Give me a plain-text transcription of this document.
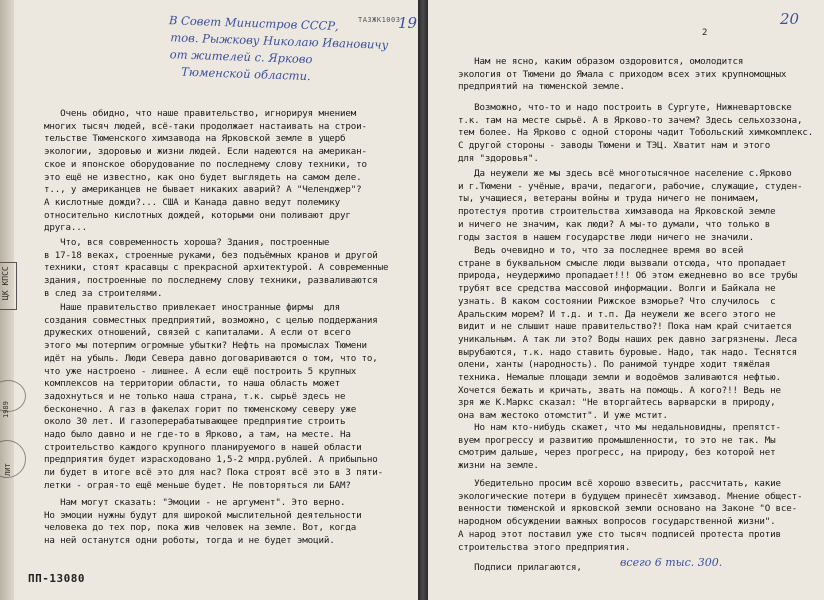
ТАЗЖК1003
19
В Совет Министров СССР,
тов. Рыжкову Николаю Ивановичу
от жителей с. Ярково
Тюменской области.
Очень обидно, что наше правительство, игнорируя мнением
многих тысяч людей, всё-таки продолжает настаивать на строи-
тельстве Тюменского химзавода на Ярковской земле в ущерб
экологии, здоровью и жизни людей. Если надеются на америкaн-
ское и японское оборудование по последнему слову техники, то
это ещё не известно, как оно будет выглядеть на самом деле.
т.., у американцев не бывает никаких аварий? А "Челенджер"?
А кислотные дожди?... США и Канада давно ведут полемику
относительно кислотных дождей, которыми они поливают друг
друга...
Что, вся современность хороша? Здания, построенные
в 17-18 веках, строенные руками, без подъёмных кранов и другой
техники, стоят красавцы с прекрасной архитектурой. А современные
здания, построенные по последнему слову техники, разваливаются
в след за строителями.
Наше правительство привлекает иностранные фирмы  для
создания совместных предприятий, возможно, с целью поддержания
дружеских отношений, связей с капиталами. А если от всего
этого мы потерпим огромные убытки? Нефть на промыслах Тюмени
идёт на убыль. Люди Севера давно договариваются о том, что то,
что уже настроено - лишнее. А если ещё построить 5 крупных
комплексов на территории области, то наша область может
задохнуться и не только наша страна, т.к. сырьё здесь не
бесконечно. А газ в факелах горит по тюменскому северу уже
около 30 лет. И газоперерабатывающее предприятие строить
надо было давно и не где-то в Ярково, а там, на месте. На
строительство каждого крупного планируемого в нашей области
предприятия будет израсходовано 1,5-2 млрд.рублей. А прибыльно
ли будет в итоге всё это для нас? Пока строят всё это в 3 пяти-
летки - ограя-то ещё меньше будет. Не повторяться ли БАМ?
Нам могут сказать: "Эмоции - не аргумент". Это верно.
Но эмоции нужны будут для широкой мыслительной деятельности
человека до тех пор, пока жив человек на земле. Вот, когда
на ней останутся одни роботы, тогда и не будет эмоций.
ЦК КПСС
1989
ЛИТ
ПП-13080
2
20
Нам не ясно, каким образом оздоровится, омолодится
экология от Тюмени до Ямала с приходом всех этих крупномощных
предприятий на тюменской земле.
Возможно, что-то и надо построить в Сургуте, Нижневартовске
т.к. там на месте сырьё. А в Ярково-то зачем? Здесь сельхоззона,
тем более. На Ярково с одной стороны чадит Тобольский химкомплекс.
С другой стороны - заводы Тюмени и ТЭЦ. Хватит нам и этого
для "здоровья".
Да неужели же мы здесь всё многотысячное население с.Ярково
и г.Тюмени - учёные, врачи, педагоги, рабочие, служащие, студен-
ты, учащиеся, ветераны войны и труда ничего не понимаем,
протестуя против строительства химзавода на Ярковской земле
и ничего не значим, как люди? А мы-то думали, что только в
годы застоя в нашем государстве люди ничего не значили.
Ведь очевидно и то, что за последнее время во всей
стране в буквальном смысле люди вызвали отсюда, что пропадает
природа, неудержимо пропадает!!! Об этом ежедневно во все трубы
трубят все средства массовой информации. Волги и Байкала не
узнать. В каком состоянии Рижское взморье? Что случилось  с
Аральским морем? И т.д. и т.п. Да неужели же всего этого не
видит и не слышит наше правительство?! Пока нам край считается
уникальным. А так ли это? Воды наших рек давно загрязнены. Леса
вырубаются, т.к. надо ставить буровые. Надо, так надо. Теснятся
олени, ханты (народность). По ранимой тундре ходит тяжёлая
техника. Немалые площади земли и водоёмов заливаются нефтью.
Хочется бежать и кричать, звать на помощь. А кого?!! Ведь не
зря же К.Маркс сказал: "Не вторгайтесь варварски в природу,
она вам жестоко отомстит". И уже мстит.
Но нам кто-нибудь скажет, что мы недальновидны, препятст-
вуем прогрессу и развитию промышленности, то это не так. Мы
смотрим дальше, через прогресс, на природу, без которой нет
жизни на земле.
Убедительно просим всё хорошо взвесить, рассчитать, какие
экологические потери в будущем принесёт химзавод. Мнение общест-
венности тюменской и ярковской земли основано на Законе "О все-
народном обсуждении важных вопросов государственной жизни".
А народ этот поставил уже сто тысяч подписей протеста против
строительства этого предприятия.
Подписи прилагаются,	всего 6 тыс. 300.
